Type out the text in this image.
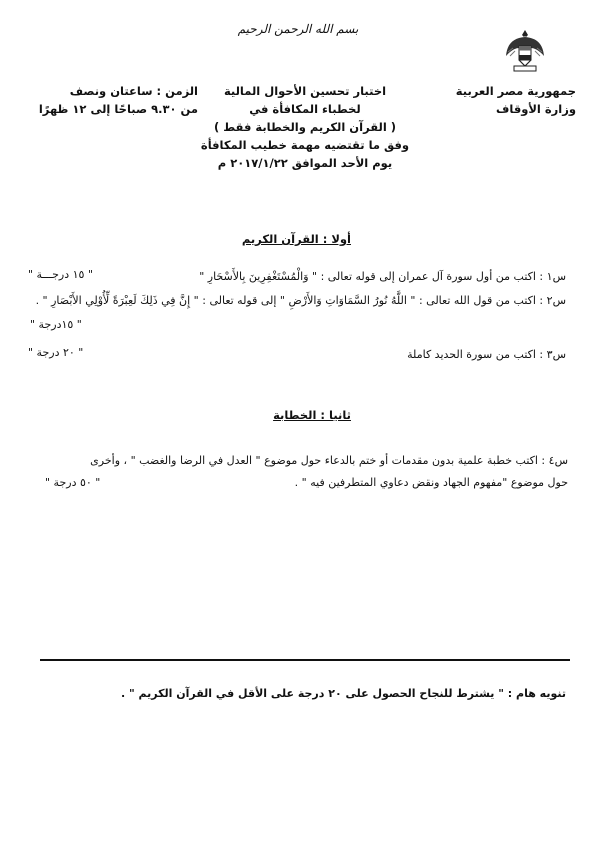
بسم الله الرحمن الرحيم
جمهورية مصر العربية
وزارة الأوقاف
اختبار تحسين الأحوال المالية
لخطباء المكافأة في
( القرآن الكريم والخطابة فقط )
وفق ما تقتضيه مهمة خطيب المكافأة
يوم الأحد الموافق ٢٠١٧/١/٢٢ م
الزمن : ساعتان ونصف
من ٩.٣٠ صباحًا إلى ١٢ ظهرًا
أولا : القرآن الكريم
س١ : اكتب من أول سورة آل عمران إلى قوله تعالى : " وَالْمُسْتَغْفِرِينَ بِالأَسْحَارِ "
" ١٥ درجـــة "
س٢ : اكتب من قول الله تعالى : " اللَّهُ نُورُ السَّمَاوَاتِ وَالأَرْضِ " إلى قوله تعالى : " إِنَّ فِي ذَلِكَ لَعِبْرَةً لِّأُوْلِي الأَبْصَارِ " .
" ١٥درجة "
س٣ : اكتب من سورة الحديد كاملة
" ٢٠ درجة "
ثانيا : الخطابة
س٤ : اكتب خطبة علمية بدون مقدمات أو ختم بالدعاء حول موضوع " العدل في الرضا والغضب " ، وأخرى
حول موضوع "مفهوم الجهاد ونقض دعاوي المتطرفين فيه " .
" ٥٠ درجة "
تنويه هام : " يشترط للنجاح الحصول على ٢٠ درجة على الأقل في القرآن الكريم " .
